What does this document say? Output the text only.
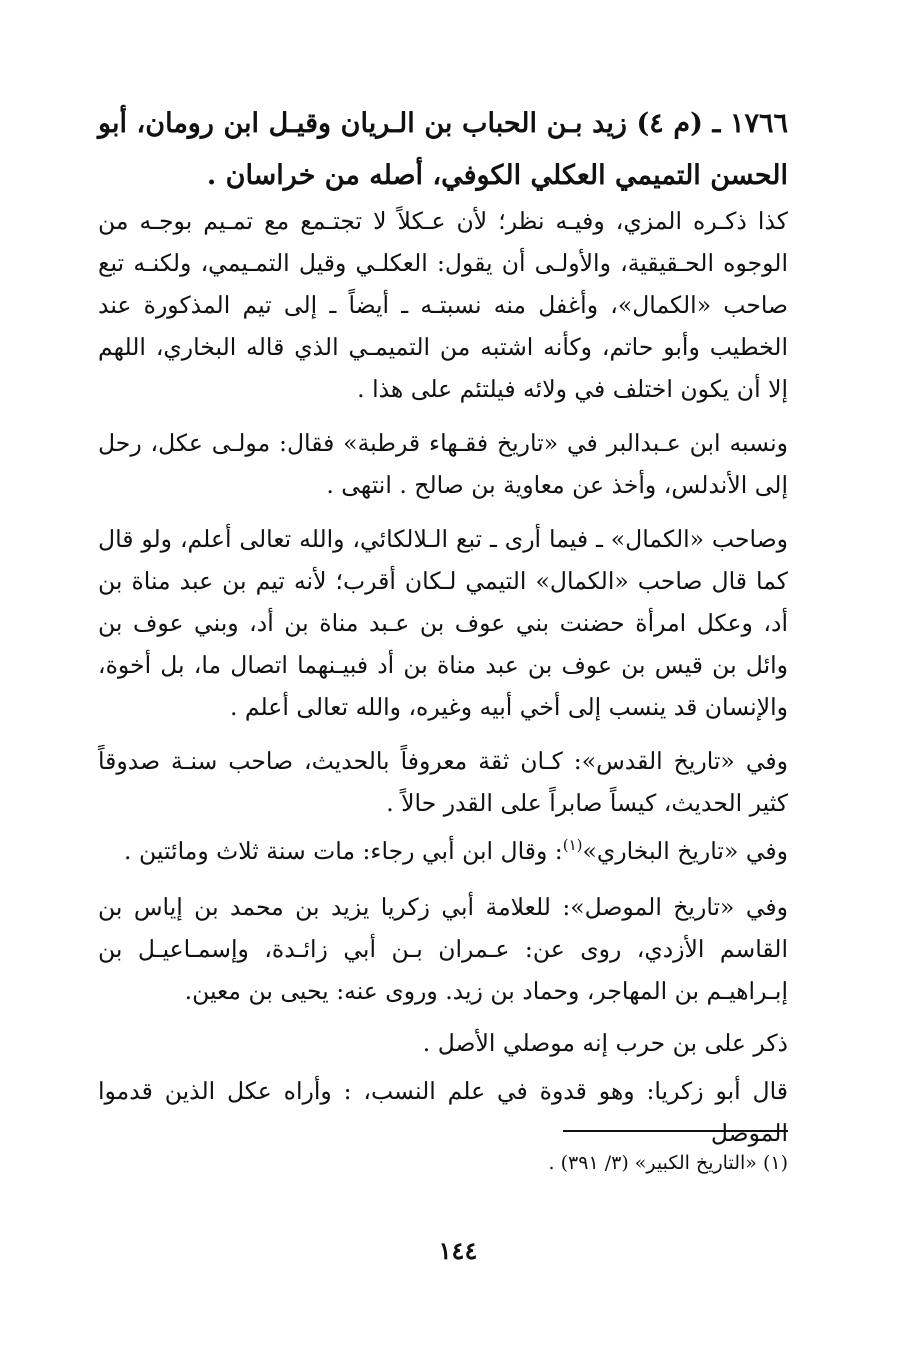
١٧٦٦ ـ (م ٤) زيد بـن الحباب بن الـريان وقيـل ابن رومان، أبو الحسن التميمي العكلي الكوفي، أصله من خراسان .
كذا ذكـره المزي، وفيـه نظر؛ لأن عـكلاً لا تجتـمع مع تمـيم بوجـه من الوجوه الحـقيقية، والأولـى أن يقول: العكلـي وقيل التمـيمي، ولكنـه تبع صاحب «الكمال»، وأغفل منه نسبتـه ـ أيضاً ـ إلى تيم المذكورة عند الخطيب وأبو حاتم، وكأنه اشتبه من التميمـي الذي قاله البخاري، اللهم إلا أن يكون اختلف في ولائه فيلتئم على هذا .
ونسبه ابن عـبدالبر في «تاريخ فقـهاء قرطبة» فقال: مولـى عكل، رحل إلى الأندلس، وأخذ عن معاوية بن صالح . انتهى .
وصاحب «الكمال» ـ فيما أرى ـ تبع الـلالكائي، والله تعالى أعلم، ولو قال كما قال صاحب «الكمال» التيمي لـكان أقرب؛ لأنه تيم بن عبد مناة بن أد، وعكل امرأة حضنت بني عوف بن عـبد مناة بن أد، وبني عوف بن وائل بن قيس بن عوف بن عبد مناة بن أد فبيـنهما اتصال ما، بل أخوة، والإنسان قد ينسب إلى أخي أبيه وغيره، والله تعالى أعلم .
وفي «تاريخ القدس»: كـان ثقة معروفاً بالحديث، صاحب سنـة صدوقاً كثير الحديث، كيساً صابراً على القدر حالاً .
وفي «تاريخ البخاري»$^{(١)}$: وقال ابن أبي رجاء: مات سنة ثلاث ومائتين .
وفي «تاريخ الموصل»: للعلامة أبي زكريا يزيد بن محمد بن إياس بن القاسم الأزدي، روى عن: عـمران بـن أبي زائـدة، وإسمـاعيـل بن إبـراهيـم بن المهاجر، وحماد بن زيد. وروى عنه: يحيى بن معين.
ذكر على بن حرب إنه موصلي الأصل .
قال أبو زكريا: وهو قدوة في علم النسب، : وأراه عكل الذين قدموا الموصل
(١) «التاريخ الكبير» (٣/ ٣٩١) .
١٤٤
